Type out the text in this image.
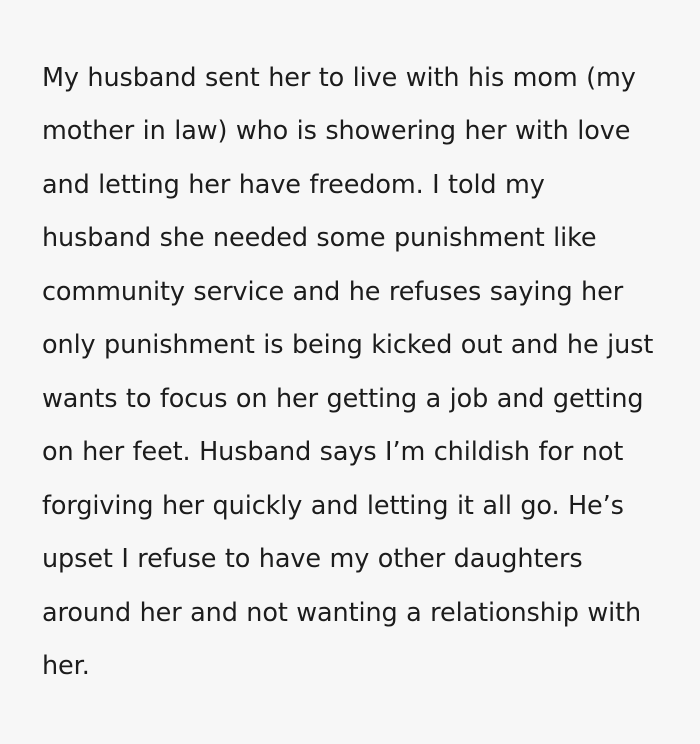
My husband sent her to live with his mom (my mother in law) who is showering her with love and letting her have freedom. I told my husband she needed some punishment like community service and he refuses saying her only punishment is being kicked out and he just wants to focus on her getting a job and getting on her feet. Husband says I’m childish for not forgiving her quickly and letting it all go. He’s upset I refuse to have my other daughters around her and not wanting a relationship with her.
